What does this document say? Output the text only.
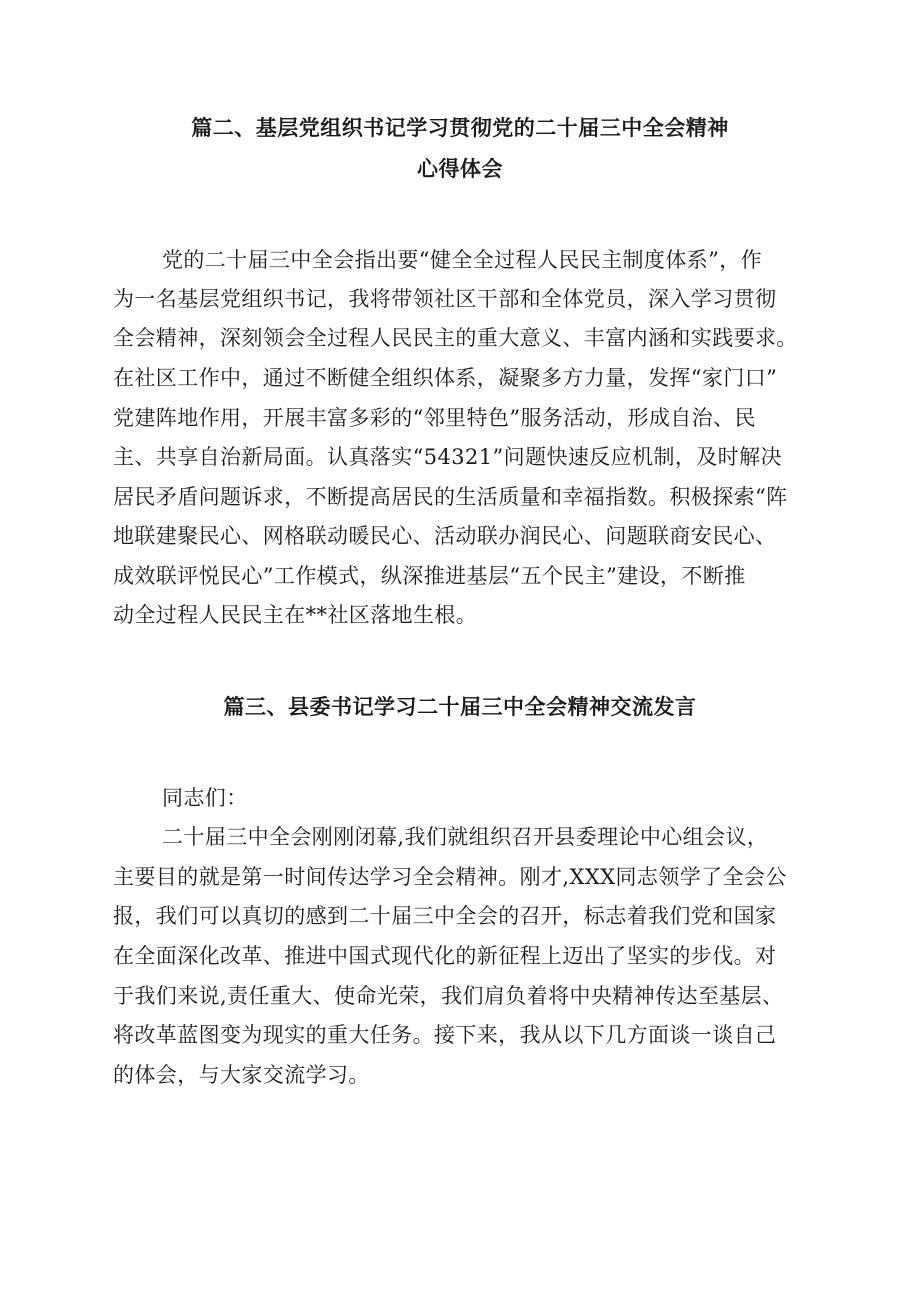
篇二、基层党组织书记学习贯彻党的二十届三中全会精神
心得体会
党的二十届三中全会指出要“健全全过程人民民主制度体系”，作
为一名基层党组织书记，我将带领社区干部和全体党员，深入学习贯彻
全会精神，深刻领会全过程人民民主的重大意义、丰富内涵和实践要求。
在社区工作中，通过不断健全组织体系，凝聚多方力量，发挥“家门口”
党建阵地作用，开展丰富多彩的“邻里特色”服务活动，形成自治、民
主、共享自治新局面。认真落实“54321”问题快速反应机制，及时解决
居民矛盾问题诉求，不断提高居民的生活质量和幸福指数。积极探索“阵
地联建聚民心、网格联动暖民心、活动联办润民心、问题联商安民心、
成效联评悦民心”工作模式，纵深推进基层“五个民主”建设，不断推
动全过程人民民主在**社区落地生根。
篇三、县委书记学习二十届三中全会精神交流发言
同志们：
二十届三中全会刚刚闭幕,我们就组织召开县委理论中心组会议，
主要目的就是第一时间传达学习全会精神。刚才,XXX同志领学了全会公
报，我们可以真切的感到二十届三中全会的召开，标志着我们党和国家
在全面深化改革、推进中国式现代化的新征程上迈出了坚实的步伐。对
于我们来说,责任重大、使命光荣，我们肩负着将中央精神传达至基层、
将改革蓝图变为现实的重大任务。接下来，我从以下几方面谈一谈自己
的体会，与大家交流学习。
